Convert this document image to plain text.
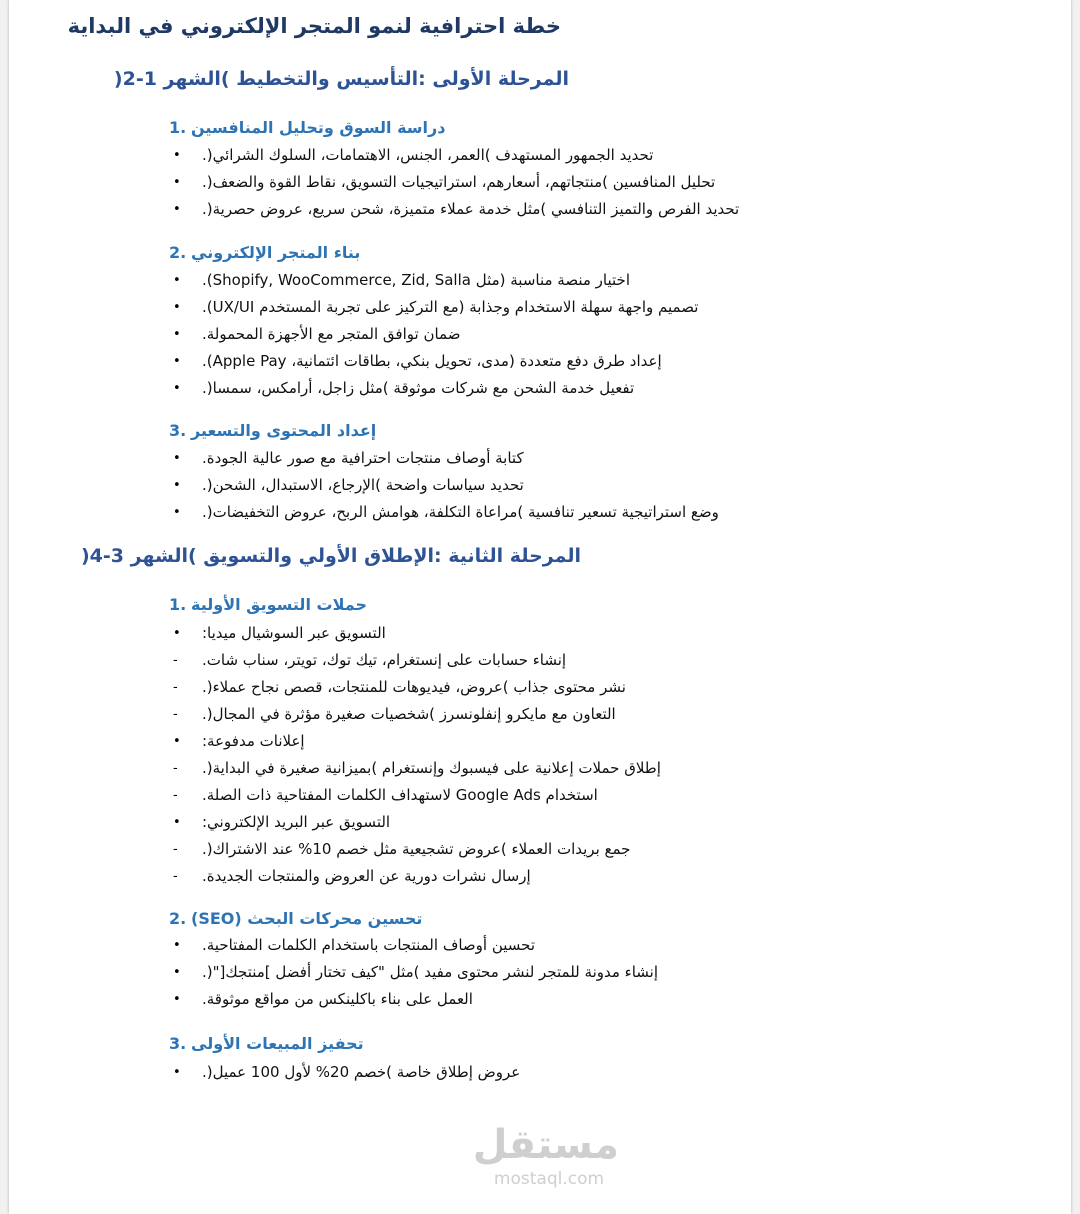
خطة احترافية لنمو المتجر الإلكتروني في البداية
المرحلة الأولى :التأسيس والتخطيط )الشهر 1-2(
1. دراسة السوق وتحليل المنافسين
• تحديد الجمهور المستهدف )العمر، الجنس، الاهتمامات، السلوك الشرائي(.
• تحليل المنافسين )منتجاتهم، أسعارهم، استراتيجيات التسويق، نقاط القوة والضعف(.
• تحديد الفرص والتميز التنافسي )مثل خدمة عملاء متميزة، شحن سريع، عروض حصرية(.
2. بناء المتجر الإلكتروني
• اختيار منصة مناسبة (مثل Shopify, WooCommerce, Zid, Salla).
• تصميم واجهة سهلة الاستخدام وجذابة (مع التركيز على تجربة المستخدم UX/UI).
• ضمان توافق المتجر مع الأجهزة المحمولة.
• إعداد طرق دفع متعددة (مدى، تحويل بنكي، بطاقات ائتمانية، Apple Pay).
• تفعيل خدمة الشحن مع شركات موثوقة )مثل زاجل، أرامكس، سمسا(.
3. إعداد المحتوى والتسعير
• كتابة أوصاف منتجات احترافية مع صور عالية الجودة.
• تحديد سياسات واضحة )الإرجاع، الاستبدال، الشحن(.
• وضع استراتيجية تسعير تنافسية )مراعاة التكلفة، هوامش الربح، عروض التخفيضات(.
المرحلة الثانية :الإطلاق الأولي والتسويق )الشهر 3-4(
1. حملات التسويق الأولية
• التسويق عبر السوشيال ميديا:
- إنشاء حسابات على إنستغرام، تيك توك، تويتر، سناب شات.
- نشر محتوى جذاب )عروض، فيديوهات للمنتجات، قصص نجاح عملاء(.
- التعاون مع مايكرو إنفلونسرز )شخصيات صغيرة مؤثرة في المجال(.
• إعلانات مدفوعة:
- إطلاق حملات إعلانية على فيسبوك وإنستغرام )بميزانية صغيرة في البداية(.
- استخدام Google Ads لاستهداف الكلمات المفتاحية ذات الصلة.
• التسويق عبر البريد الإلكتروني:
- جمع بريدات العملاء )عروض تشجيعية مثل خصم 10% عند الاشتراك(.
- إرسال نشرات دورية عن العروض والمنتجات الجديدة.
2. تحسين محركات البحث (SEO)
• تحسين أوصاف المنتجات باستخدام الكلمات المفتاحية.
• إنشاء مدونة للمتجر لنشر محتوى مفيد )مثل "كيف تختار أفضل ]منتجك["(.
• العمل على بناء باكلينكس من مواقع موثوقة.
3. تحفيز المبيعات الأولى
• عروض إطلاق خاصة )خصم 20% لأول 100 عميل(.
مستقل
mostaql.com
